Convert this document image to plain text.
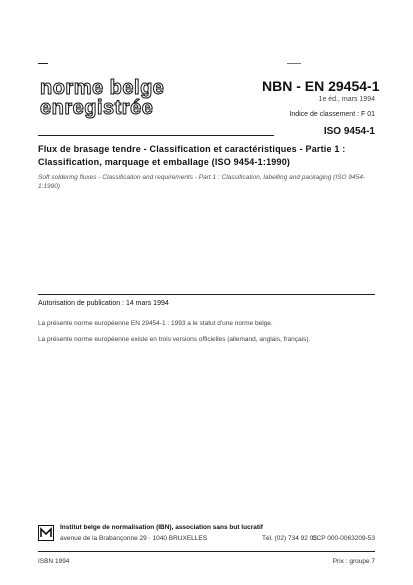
norme belge
enregistrée
NBN - EN 29454-1
1e éd., mars 1994
Indice de classement : F 01
ISO 9454-1
Flux de brasage tendre - Classification et caractéristiques - Partie 1 : Classification, marquage et emballage (ISO 9454-1:1990)
Soft soldering fluxes - Classification and requirements - Part 1 : Classification, labelling and packaging (ISO 9454-1:1990)
Autorisation de publication : 14 mars 1994
La présente norme européenne EN 29454-1 : 1993 a le statut d'une norme belge.
La présente norme européenne existe en trois versions officielles (allemand, anglais, français).
Institut belge de normalisation (IBN), association sans but lucratif
avenue de la Brabançonne 29 · 1040 BRUXELLES	Tél. (02) 734 92 05
CCP 000-0063209-53
ISBN 1994	Prix : groupe 7
